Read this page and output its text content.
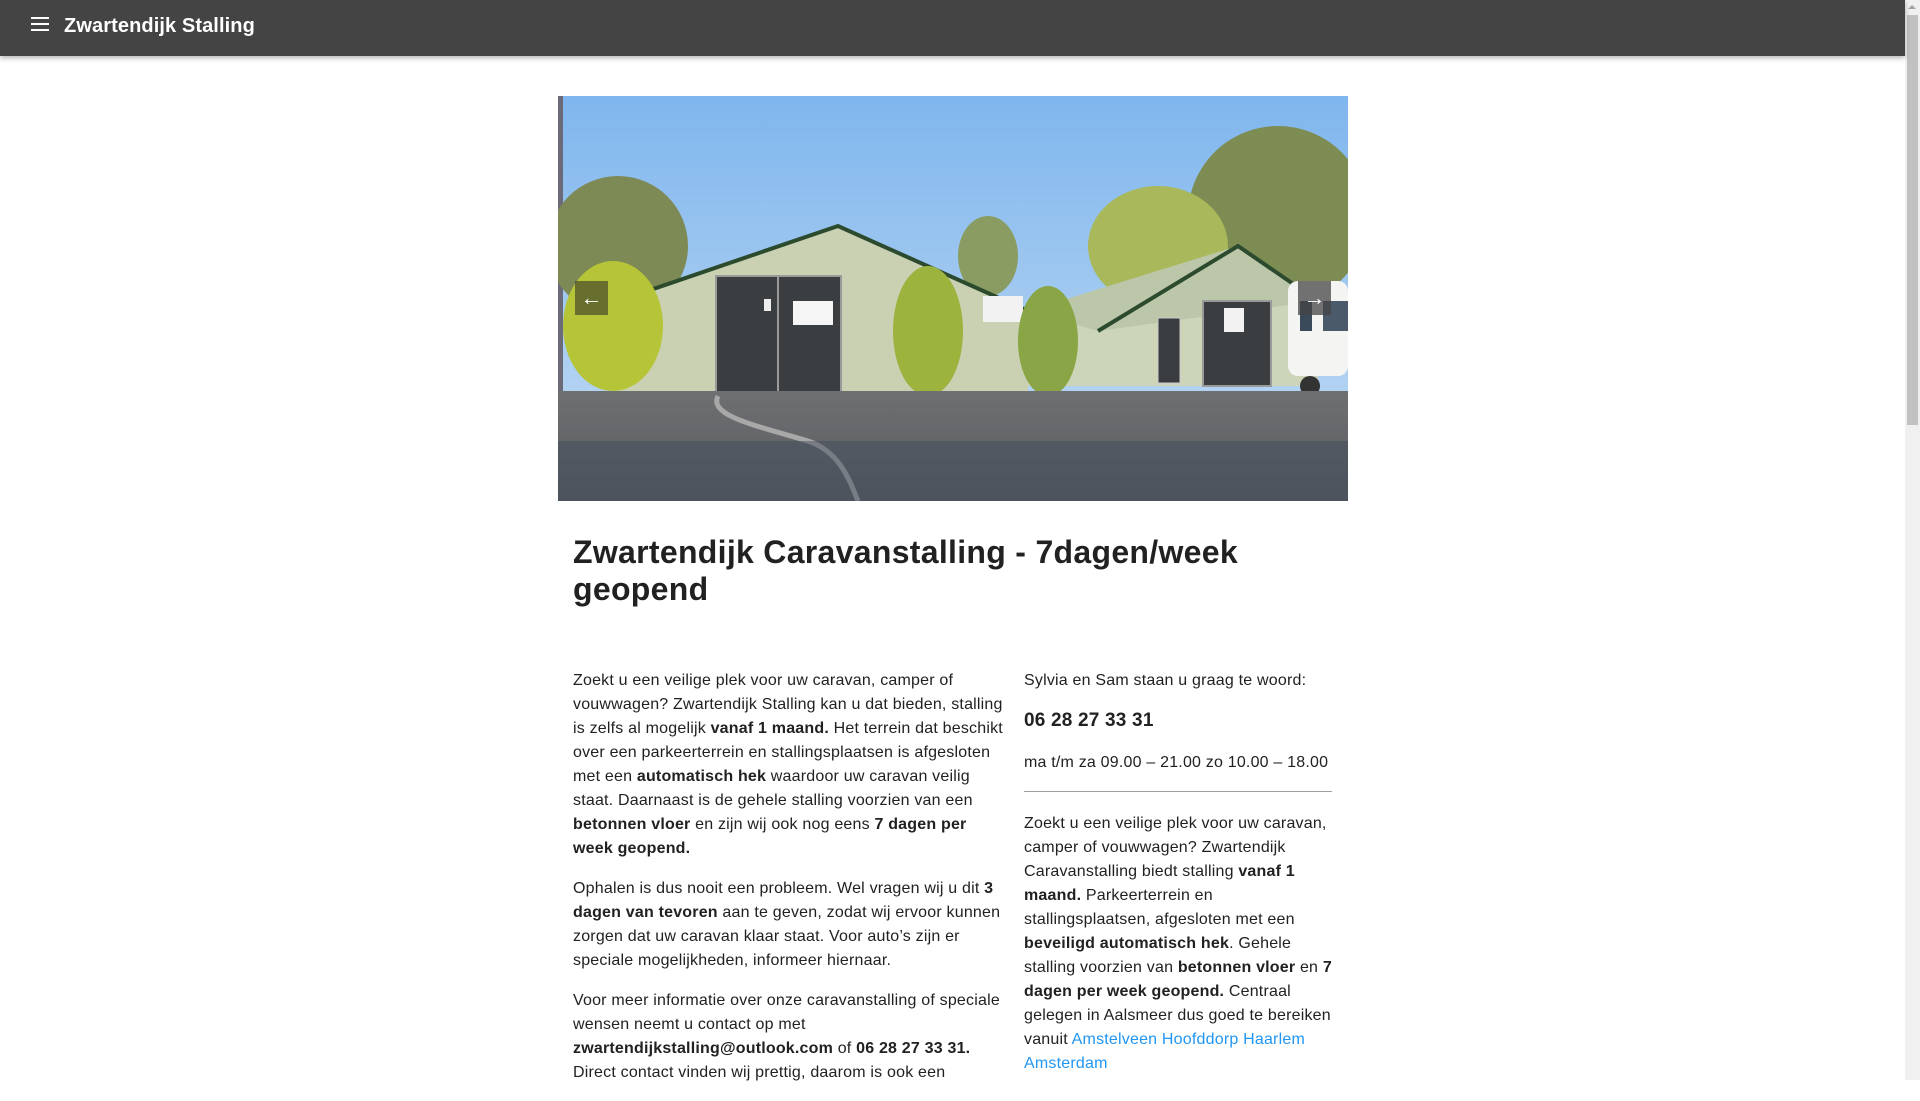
Zwartendijk Stalling
←	→
Zwartendijk Caravanstalling - 7dagen/week geopend

Zoekt u een veilige plek voor uw caravan, camper of vouwwagen? Zwartendijk Stalling kan u dat bieden, stalling is zelfs al mogelijk vanaf 1 maand. Het terrein dat beschikt over een parkeerterrein en stallingsplaatsen is afgesloten met een automatisch hek waardoor uw caravan veilig staat. Daarnaast is de gehele stalling voorzien van een betonnen vloer en zijn wij ook nog eens 7 dagen per week geopend.

Ophalen is dus nooit een probleem. Wel vragen wij u dit 3 dagen van tevoren aan te geven, zodat wij ervoor kunnen zorgen dat uw caravan klaar staat. Voor auto’s zijn er speciale mogelijkheden, informeer hiernaar.

Voor meer informatie over onze caravanstalling of speciale wensen neemt u contact op met zwartendijkstalling@outlook.com of 06 28 27 33 31. Direct contact vinden wij prettig, daarom is ook een

Sylvia en Sam staan u graag te woord:

06 28 27 33 31

ma t/m za 09.00 – 21.00 zo 10.00 – 18.00

Zoekt u een veilige plek voor uw caravan, camper of vouwwagen? Zwartendijk Caravanstalling biedt stalling vanaf 1 maand. Parkeerterrein en stallingsplaatsen, afgesloten met een beveiligd automatisch hek. Gehele stalling voorzien van betonnen vloer en 7 dagen per week geopend. Centraal gelegen in Aalsmeer dus goed te bereiken vanuit Amstelveen Hoofddorp Haarlem Amsterdam
